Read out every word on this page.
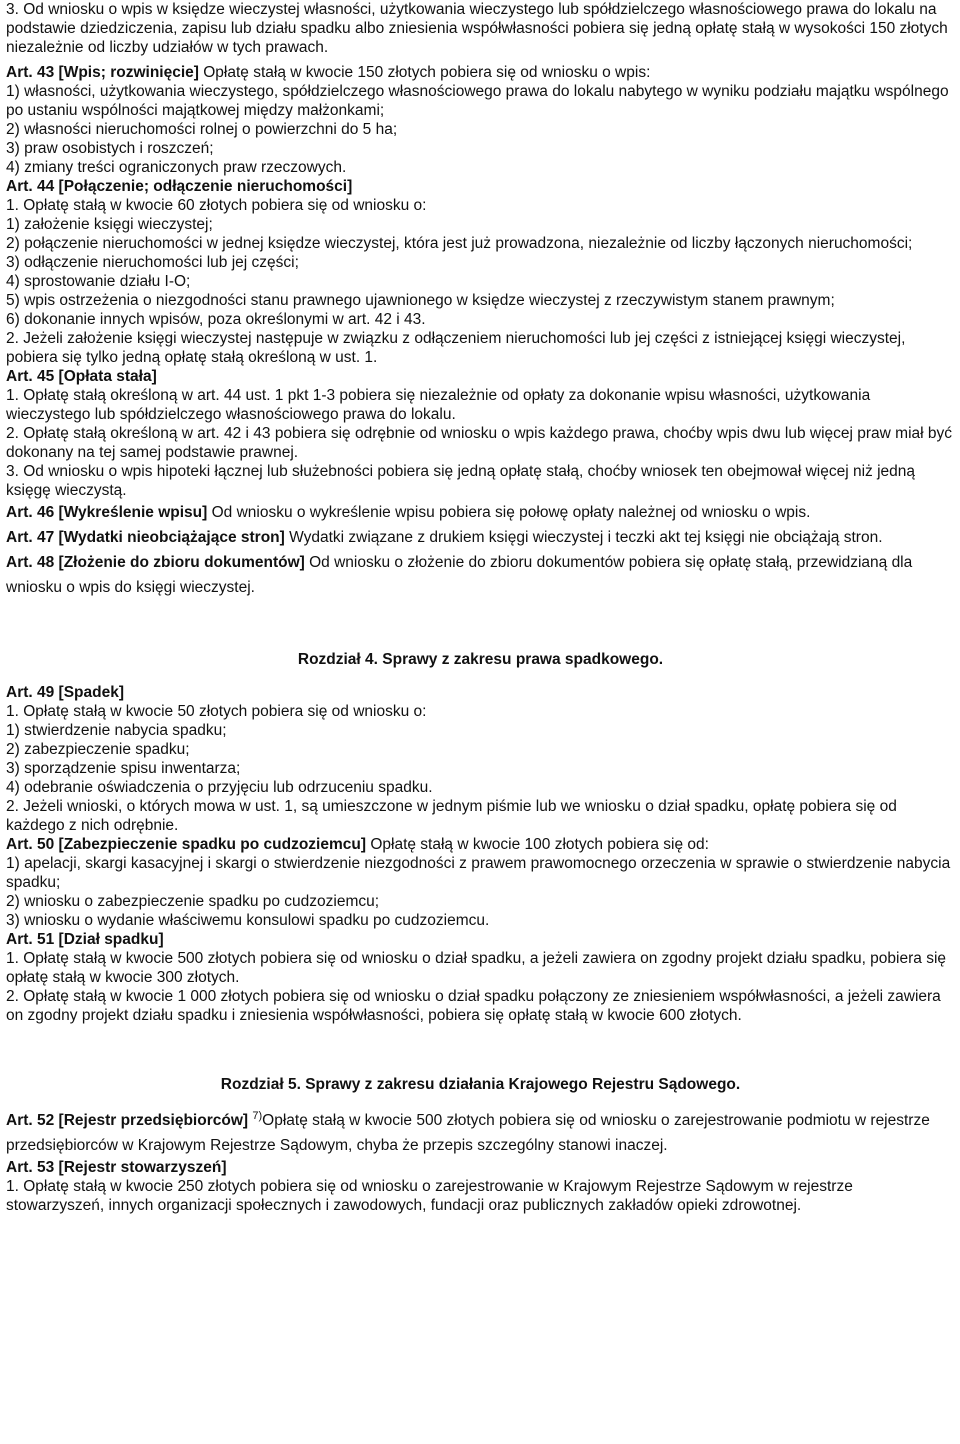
3. Od wniosku o wpis w księdze wieczystej własności, użytkowania wieczystego lub spółdzielczego własnościowego prawa do lokalu na podstawie dziedziczenia, zapisu lub działu spadku albo zniesienia współwłasności pobiera się jedną opłatę stałą w wysokości 150 złotych niezależnie od liczby udziałów w tych prawach.

Art. 43 [Wpis; rozwinięcie] Opłatę stałą w kwocie 150 złotych pobiera się od wniosku o wpis:

1) własności, użytkowania wieczystego, spółdzielczego własnościowego prawa do lokalu nabytego w wyniku podziału majątku wspólnego po ustaniu wspólności majątkowej między małżonkami;

2) własności nieruchomości rolnej o powierzchni do 5 ha;

3) praw osobistych i roszczeń;

4) zmiany treści ograniczonych praw rzeczowych.

Art. 44 [Połączenie; odłączenie nieruchomości]

1. Opłatę stałą w kwocie 60 złotych pobiera się od wniosku o:

1) założenie księgi wieczystej;

2) połączenie nieruchomości w jednej księdze wieczystej, która jest już prowadzona, niezależnie od liczby łączonych nieruchomości;

3) odłączenie nieruchomości lub jej części;

4) sprostowanie działu I-O;

5) wpis ostrzeżenia o niezgodności stanu prawnego ujawnionego w księdze wieczystej z rzeczywistym stanem prawnym;

6) dokonanie innych wpisów, poza określonymi w art. 42 i 43.

2. Jeżeli założenie księgi wieczystej następuje w związku z odłączeniem nieruchomości lub jej części z istniejącej księgi wieczystej, pobiera się tylko jedną opłatę stałą określoną w ust. 1.

Art. 45 [Opłata stała]

1. Opłatę stałą określoną w art. 44 ust. 1 pkt 1-3 pobiera się niezależnie od opłaty za dokonanie wpisu własności, użytkowania wieczystego lub spółdzielczego własnościowego prawa do lokalu.

2. Opłatę stałą określoną w art. 42 i 43 pobiera się odrębnie od wniosku o wpis każdego prawa, choćby wpis dwu lub więcej praw miał być dokonany na tej samej podstawie prawnej.

3. Od wniosku o wpis hipoteki łącznej lub służebności pobiera się jedną opłatę stałą, choćby wniosek ten obejmował więcej niż jedną księgę wieczystą.

Art. 46 [Wykreślenie wpisu] Od wniosku o wykreślenie wpisu pobiera się połowę opłaty należnej od wniosku o wpis.

Art. 47 [Wydatki nieobciążające stron] Wydatki związane z drukiem księgi wieczystej i teczki akt tej księgi nie obciążają stron.

Art. 48 [Złożenie do zbioru dokumentów] Od wniosku o złożenie do zbioru dokumentów pobiera się opłatę stałą, przewidzianą dla wniosku o wpis do księgi wieczystej.

Rozdział 4. Sprawy z zakresu prawa spadkowego.

Art. 49 [Spadek]

1. Opłatę stałą w kwocie 50 złotych pobiera się od wniosku o:

1) stwierdzenie nabycia spadku;

2) zabezpieczenie spadku;

3) sporządzenie spisu inwentarza;

4) odebranie oświadczenia o przyjęciu lub odrzuceniu spadku.

2. Jeżeli wnioski, o których mowa w ust. 1, są umieszczone w jednym piśmie lub we wniosku o dział spadku, opłatę pobiera się od każdego z nich odrębnie.

Art. 50 [Zabezpieczenie spadku po cudzoziemcu] Opłatę stałą w kwocie 100 złotych pobiera się od:

1) apelacji, skargi kasacyjnej i skargi o stwierdzenie niezgodności z prawem prawomocnego orzeczenia w sprawie o stwierdzenie nabycia spadku;

2) wniosku o zabezpieczenie spadku po cudzoziemcu;

3) wniosku o wydanie właściwemu konsulowi spadku po cudzoziemcu.

Art. 51 [Dział spadku]

1. Opłatę stałą w kwocie 500 złotych pobiera się od wniosku o dział spadku, a jeżeli zawiera on zgodny projekt działu spadku, pobiera się opłatę stałą w kwocie 300 złotych.

2. Opłatę stałą w kwocie 1 000 złotych pobiera się od wniosku o dział spadku połączony ze zniesieniem współwłasności, a jeżeli zawiera on zgodny projekt działu spadku i zniesienia współwłasności, pobiera się opłatę stałą w kwocie 600 złotych.

Rozdział 5. Sprawy z zakresu działania Krajowego Rejestru Sądowego.

Art. 52 [Rejestr przedsiębiorców] $^{7)}$Opłatę stałą w kwocie 500 złotych pobiera się od wniosku o zarejestrowanie podmiotu w rejestrze przedsiębiorców w Krajowym Rejestrze Sądowym, chyba że przepis szczególny stanowi inaczej.

Art. 53 [Rejestr stowarzyszeń]

1. Opłatę stałą w kwocie 250 złotych pobiera się od wniosku o zarejestrowanie w Krajowym Rejestrze Sądowym w rejestrze stowarzyszeń, innych organizacji społecznych i zawodowych, fundacji oraz publicznych zakładów opieki zdrowotnej.
